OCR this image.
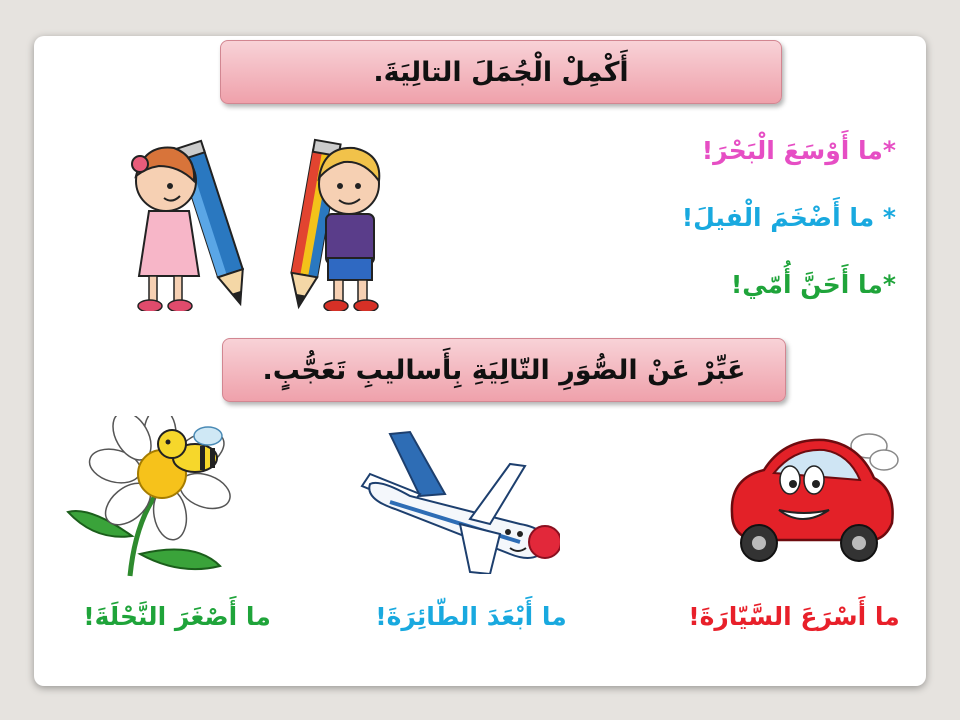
أَكْمِلْ الْجُمَلَ التالِيَةَ.
*ما أَوْسَعَ الْبَحْرَ!
* ما أَضْخَمَ الْفيلَ!
*ما أَحَنَّ أُمّي!
عَبِّرْ عَنْ الصُّوَرِ التّالِيَةِ بِأَساليبِ تَعَجُّبٍ.
ما أَسْرَعَ السَّيّارَةَ!
ما أَبْعَدَ الطّائِرَةَ!
ما أَصْغَرَ النَّحْلَةَ!
